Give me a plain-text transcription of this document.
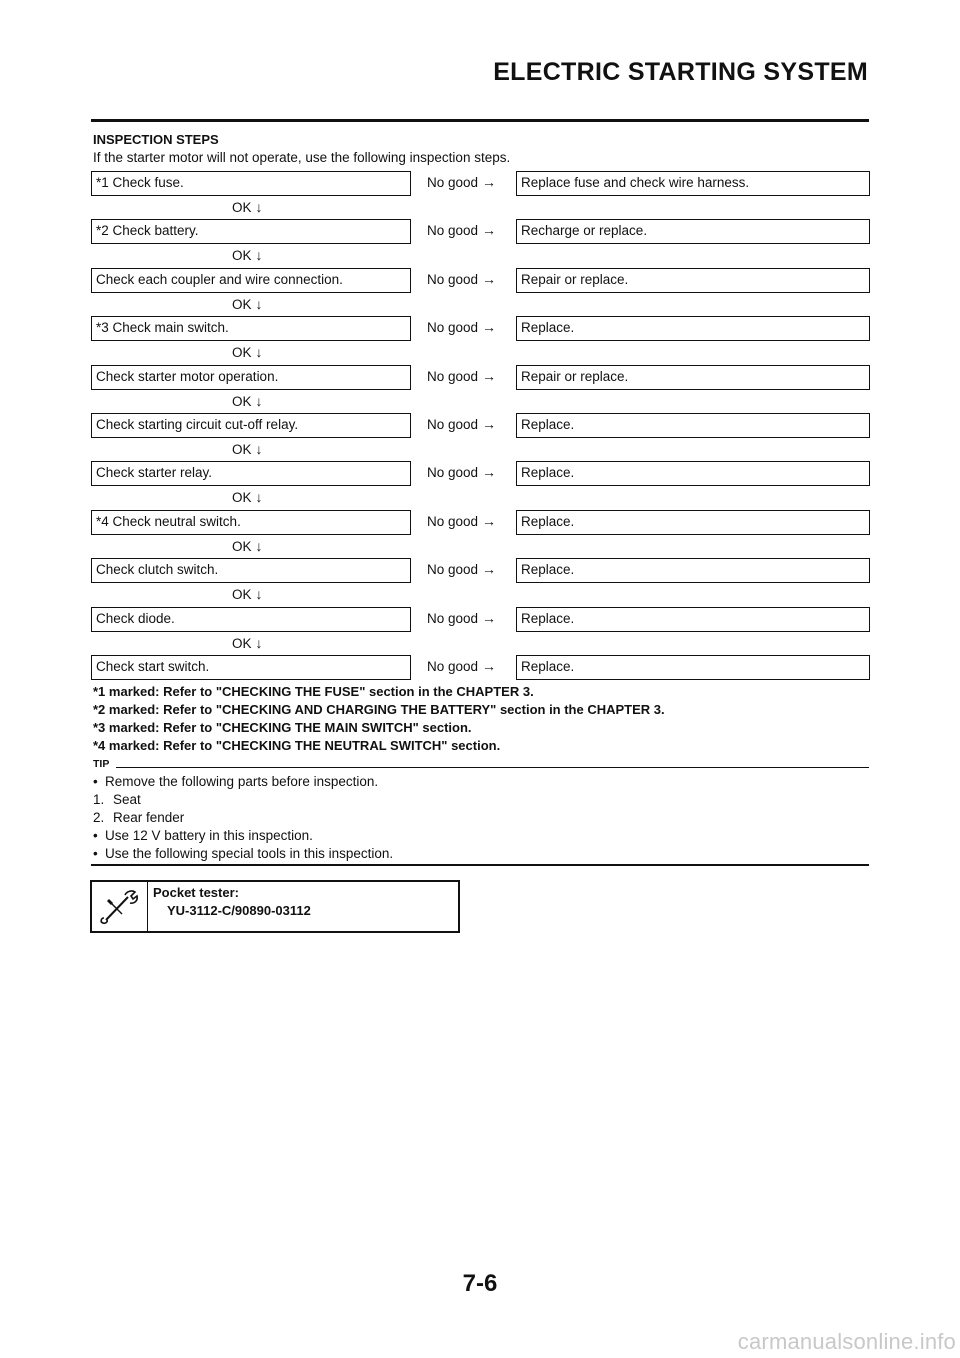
ELECTRIC STARTING SYSTEM
INSPECTION STEPS
If the starter motor will not operate, use the following inspection steps.
*1 Check fuse.	No good →	Replace fuse and check wire harness.
OK ↓
*2 Check battery.	No good →	Recharge or replace.
OK ↓
Check each coupler and wire connection.	No good →	Repair or replace.
OK ↓
*3 Check main switch.	No good →	Replace.
OK ↓
Check starter motor operation.	No good →	Repair or replace.
OK ↓
Check starting circuit cut-off relay.	No good →	Replace.
OK ↓
Check starter relay.	No good →	Replace.
OK ↓
*4 Check neutral switch.	No good →	Replace.
OK ↓
Check clutch switch.	No good →	Replace.
OK ↓
Check diode.	No good →	Replace.
OK ↓
Check start switch.	No good →	Replace.
*1 marked: Refer to "CHECKING THE FUSE" section in the CHAPTER 3.
*2 marked: Refer to "CHECKING AND CHARGING THE BATTERY" section in the CHAPTER 3.
*3 marked: Refer to "CHECKING THE MAIN SWITCH" section.
*4 marked: Refer to "CHECKING THE NEUTRAL SWITCH" section.
TIP
• Remove the following parts before inspection.
1. Seat
2. Rear fender
• Use 12 V battery in this inspection.
• Use the following special tools in this inspection.
Pocket tester:
YU-3112-C/90890-03112
7-6
carmanualsonline.info
